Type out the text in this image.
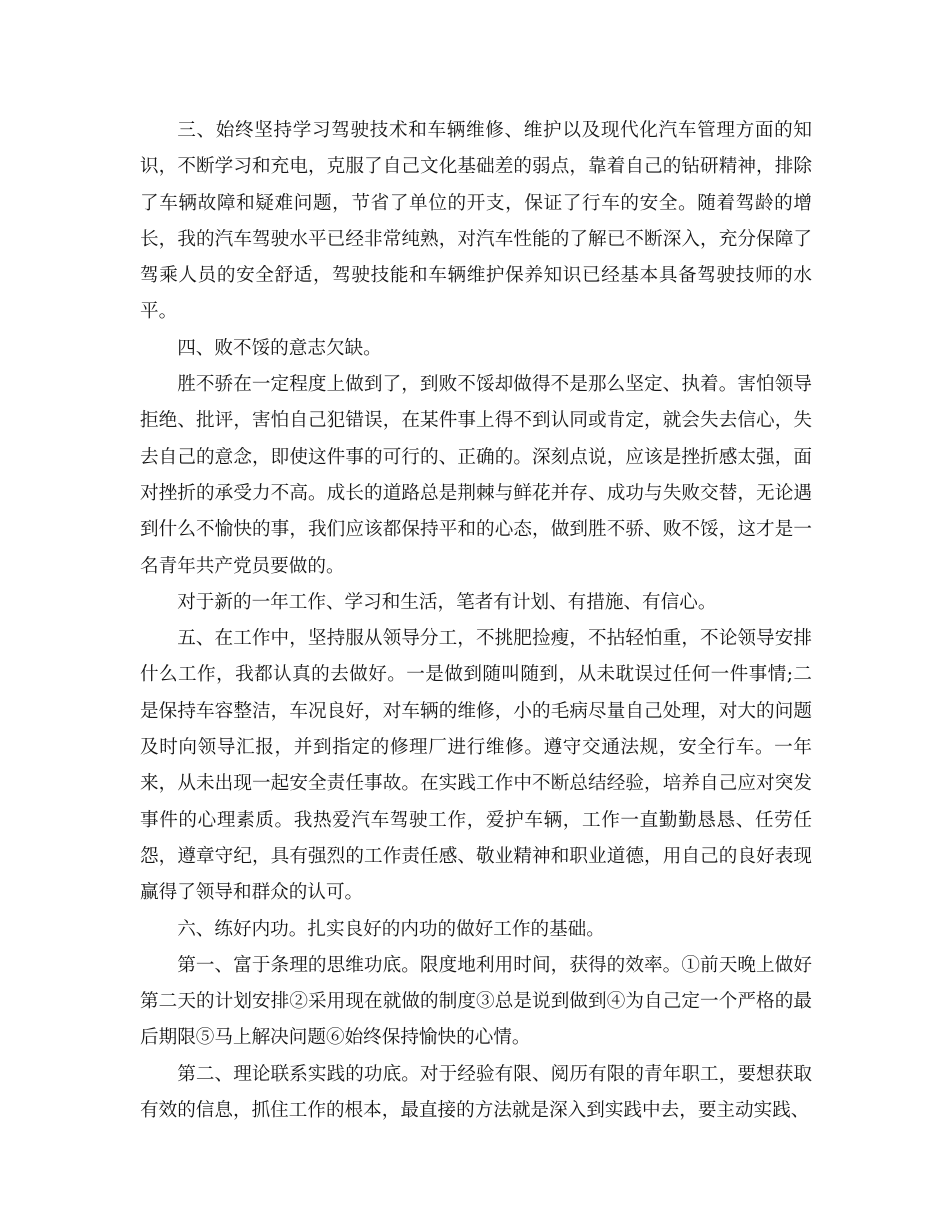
三、始终坚持学习驾驶技术和车辆维修、维护以及现代化汽车管理方面的知识，不断学习和充电，克服了自己文化基础差的弱点，靠着自己的钻研精神，排除了车辆故障和疑难问题，节省了单位的开支，保证了行车的安全。随着驾龄的增长，我的汽车驾驶水平已经非常纯熟，对汽车性能的了解已不断深入，充分保障了驾乘人员的安全舒适，驾驶技能和车辆维护保养知识已经基本具备驾驶技师的水平。

四、败不馁的意志欠缺。

胜不骄在一定程度上做到了，到败不馁却做得不是那么坚定、执着。害怕领导拒绝、批评，害怕自己犯错误，在某件事上得不到认同或肯定，就会失去信心，失去自己的意念，即使这件事的可行的、正确的。深刻点说，应该是挫折感太强，面对挫折的承受力不高。成长的道路总是荆棘与鲜花并存、成功与失败交替，无论遇到什么不愉快的事，我们应该都保持平和的心态，做到胜不骄、败不馁，这才是一名青年共产党员要做的。

对于新的一年工作、学习和生活，笔者有计划、有措施、有信心。

五、在工作中，坚持服从领导分工，不挑肥捡瘦，不拈轻怕重，不论领导安排什么工作，我都认真的去做好。一是做到随叫随到，从未耽误过任何一件事情;二是保持车容整洁，车况良好，对车辆的维修，小的毛病尽量自己处理，对大的问题及时向领导汇报，并到指定的修理厂进行维修。遵守交通法规，安全行车。一年来，从未出现一起安全责任事故。在实践工作中不断总结经验，培养自己应对突发事件的心理素质。我热爱汽车驾驶工作，爱护车辆，工作一直勤勤恳恳、任劳任怨，遵章守纪，具有强烈的工作责任感、敬业精神和职业道德，用自己的良好表现赢得了领导和群众的认可。

六、练好内功。扎实良好的内功的做好工作的基础。

第一、富于条理的思维功底。限度地利用时间，获得的效率。①前天晚上做好第二天的计划安排②采用现在就做的制度③总是说到做到④为自己定一个严格的最后期限⑤马上解决问题⑥始终保持愉快的心情。

第二、理论联系实践的功底。对于经验有限、阅历有限的青年职工，要想获取有效的信息，抓住工作的根本，最直接的方法就是深入到实践中去，要主动实践、
